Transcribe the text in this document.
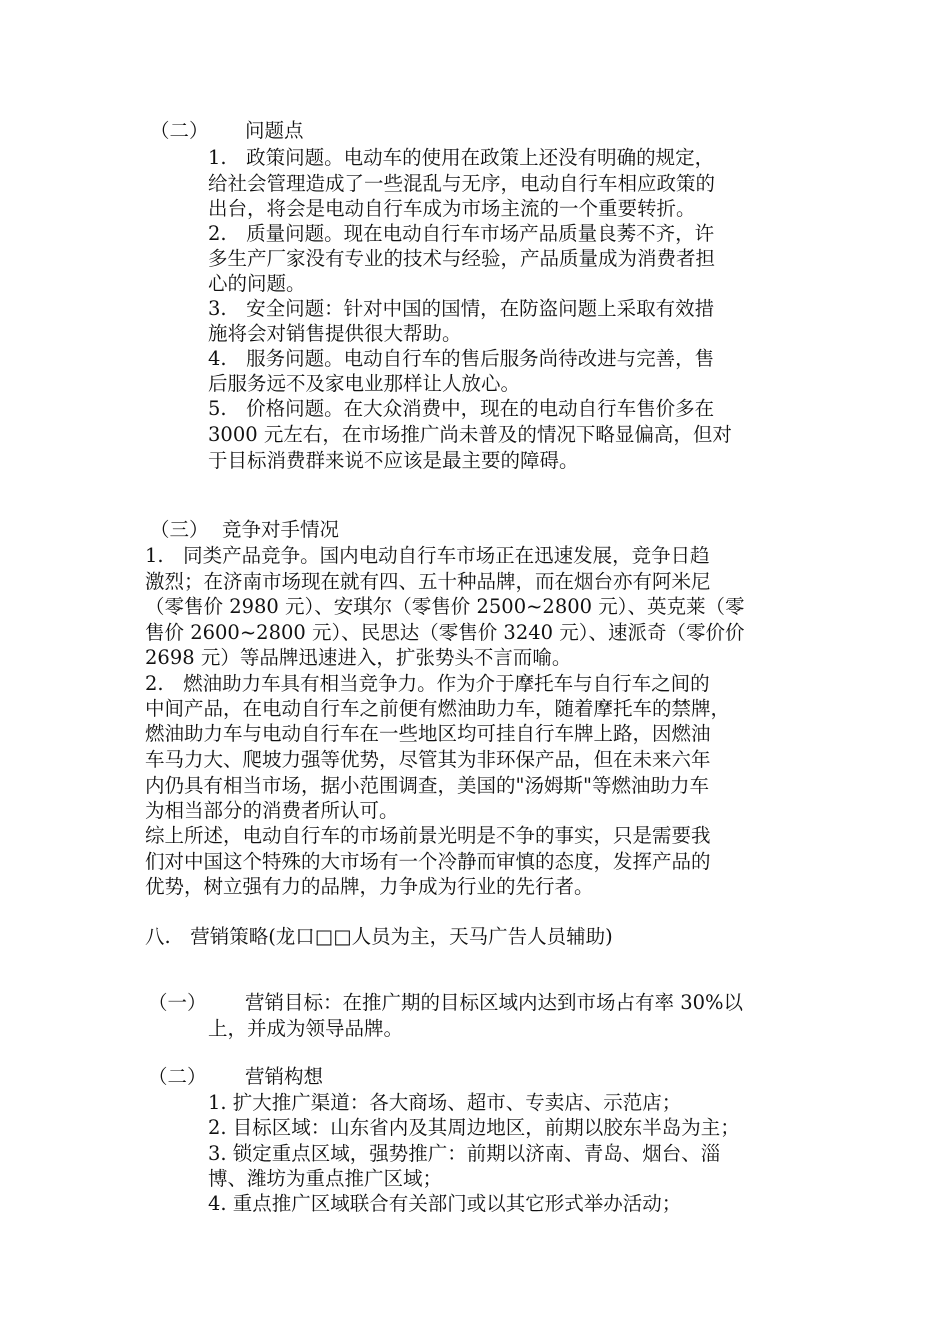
（二） 问题点
1.　政策问题。电动车的使用在政策上还没有明确的规定，
给社会管理造成了一些混乱与无序，电动自行车相应政策的
出台，将会是电动自行车成为市场主流的一个重要转折。
2.　质量问题。现在电动自行车市场产品质量良莠不齐，许
多生产厂家没有专业的技术与经验，产品质量成为消费者担
心的问题。
3.　安全问题：针对中国的国情，在防盗问题上采取有效措
施将会对销售提供很大帮助。
4.　服务问题。电动自行车的售后服务尚待改进与完善，售
后服务远不及家电业那样让人放心。
5.　价格问题。在大众消费中，现在的电动自行车售价多在
3000 元左右，在市场推广尚未普及的情况下略显偏高，但对
于目标消费群来说不应该是最主要的障碍。
（三） 竞争对手情况
1.　同类产品竞争。国内电动自行车市场正在迅速发展，竞争日趋
激烈；在济南市场现在就有四、五十种品牌，而在烟台亦有阿米尼
（零售价 2980 元）、安琪尔（零售价 2500~2800 元）、英克莱（零
售价 2600~2800 元）、民思达（零售价 3240 元）、速派奇（零价价
2698 元）等品牌迅速进入，扩张势头不言而喻。
2.　燃油助力车具有相当竞争力。作为介于摩托车与自行车之间的
中间产品，在电动自行车之前便有燃油助力车，随着摩托车的禁牌，
燃油助力车与电动自行车在一些地区均可挂自行车牌上路，因燃油
车马力大、爬坡力强等优势，尽管其为非环保产品，但在未来六年
内仍具有相当市场，据小范围调查，美国的"汤姆斯"等燃油助力车
为相当部分的消费者所认可。
综上所述，电动自行车的市场前景光明是不争的事实，只是需要我
们对中国这个特殊的大市场有一个冷静而审慎的态度，发挥产品的
优势，树立强有力的品牌，力争成为行业的先行者。
八.　营销策略(龙口□□人员为主，天马广告人员辅助)
（一） 营销目标：在推广期的目标区域内达到市场占有率 30%以
上，并成为领导品牌。
（二） 营销构想
1. 扩大推广渠道：各大商场、超市、专卖店、示范店；
2. 目标区域：山东省内及其周边地区，前期以胶东半岛为主；
3. 锁定重点区域，强势推广：前期以济南、青岛、烟台、淄
博、潍坊为重点推广区域；
4. 重点推广区域联合有关部门或以其它形式举办活动；
